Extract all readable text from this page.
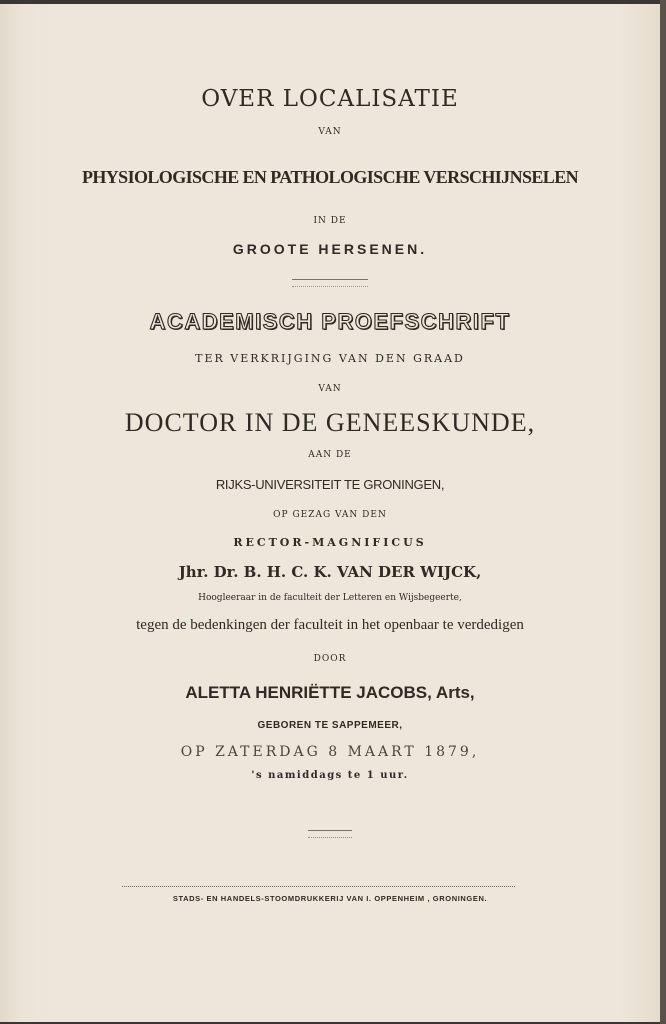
OVER LOCALISATIE
VAN
PHYSIOLOGISCHE EN PATHOLOGISCHE VERSCHIJNSELEN
IN DE
GROOTE HERSENEN.
ACADEMISCH PROEFSCHRIFT
TER VERKRIJGING VAN DEN GRAAD
VAN
DOCTOR IN DE GENEESKUNDE,
AAN DE
RIJKS-UNIVERSITEIT TE GRONINGEN,
OP GEZAG VAN DEN
RECTOR-MAGNIFICUS
Jhr. Dr. B. H. C. K. VAN DER WIJCK,
Hoogleeraar in de faculteit der Letteren en Wijsbegeerte,
tegen de bedenkingen der faculteit in het openbaar te verdedigen
DOOR
ALETTA HENRIËTTE JACOBS, Arts,
GEBOREN TE SAPPEMEER,
OP ZATERDAG 8 MAART 1879,
's namiddags te 1 uur.
STADS- EN HANDELS-STOOMDRUKKERIJ VAN I. OPPENHEIM , GRONINGEN.
